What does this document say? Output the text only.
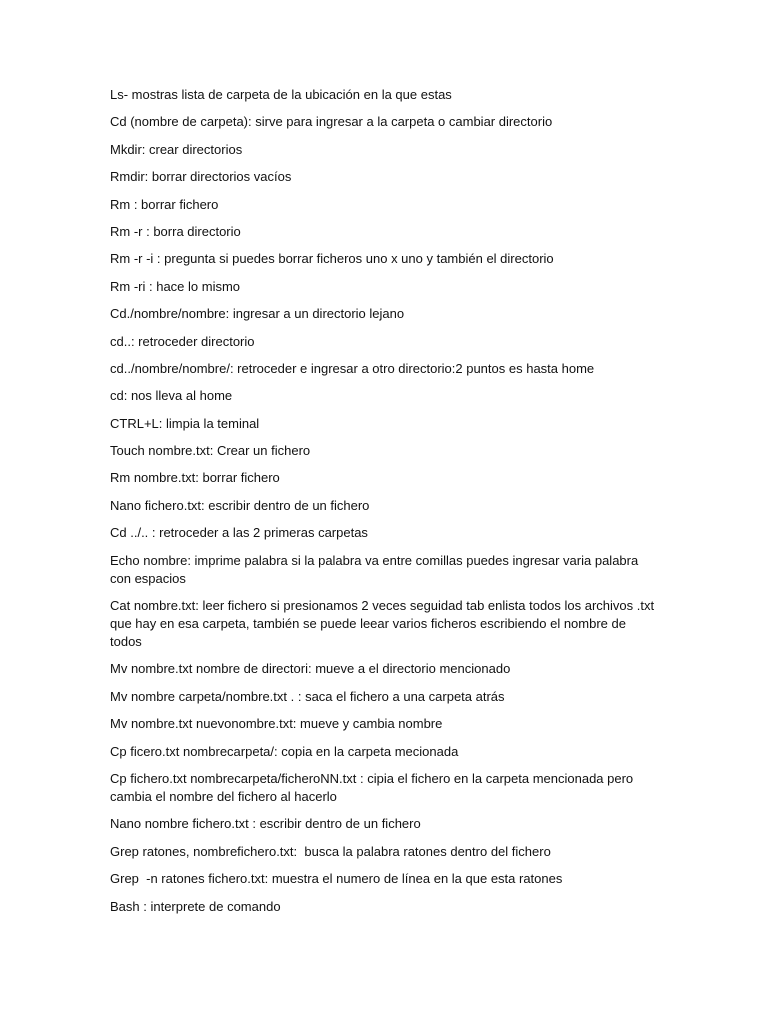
Ls- mostras lista de carpeta de la ubicación en la que estas

Cd (nombre de carpeta): sirve para ingresar a la carpeta o cambiar directorio

Mkdir: crear directorios

Rmdir: borrar directorios vacíos

Rm : borrar fichero

Rm -r : borra directorio

Rm -r -i : pregunta si puedes borrar ficheros uno x uno y también el directorio

Rm -ri : hace lo mismo

Cd./nombre/nombre: ingresar a un directorio lejano

cd..: retroceder directorio

cd../nombre/nombre/: retroceder e ingresar a otro directorio:2 puntos es hasta home

cd: nos lleva al home

CTRL+L: limpia la teminal

Touch nombre.txt: Crear un fichero

Rm nombre.txt: borrar fichero

Nano fichero.txt: escribir dentro de un fichero

Cd ../.. : retroceder a las 2 primeras carpetas

Echo nombre: imprime palabra si la palabra va entre comillas puedes ingresar varia palabra
con espacios

Cat nombre.txt: leer fichero si presionamos 2 veces seguidad tab enlista todos los archivos .txt
que hay en esa carpeta, también se puede leear varios ficheros escribiendo el nombre de
todos

Mv nombre.txt nombre de directori: mueve a el directorio mencionado

Mv nombre carpeta/nombre.txt . : saca el fichero a una carpeta atrás

Mv nombre.txt nuevonombre.txt: mueve y cambia nombre

Cp ficero.txt nombrecarpeta/: copia en la carpeta mecionada

Cp fichero.txt nombrecarpeta/ficheroNN.txt : cipia el fichero en la carpeta mencionada pero
cambia el nombre del fichero al hacerlo

Nano nombre fichero.txt : escribir dentro de un fichero

Grep ratones, nombrefichero.txt:  busca la palabra ratones dentro del fichero

Grep  -n ratones fichero.txt: muestra el numero de línea en la que esta ratones

Bash : interprete de comando
